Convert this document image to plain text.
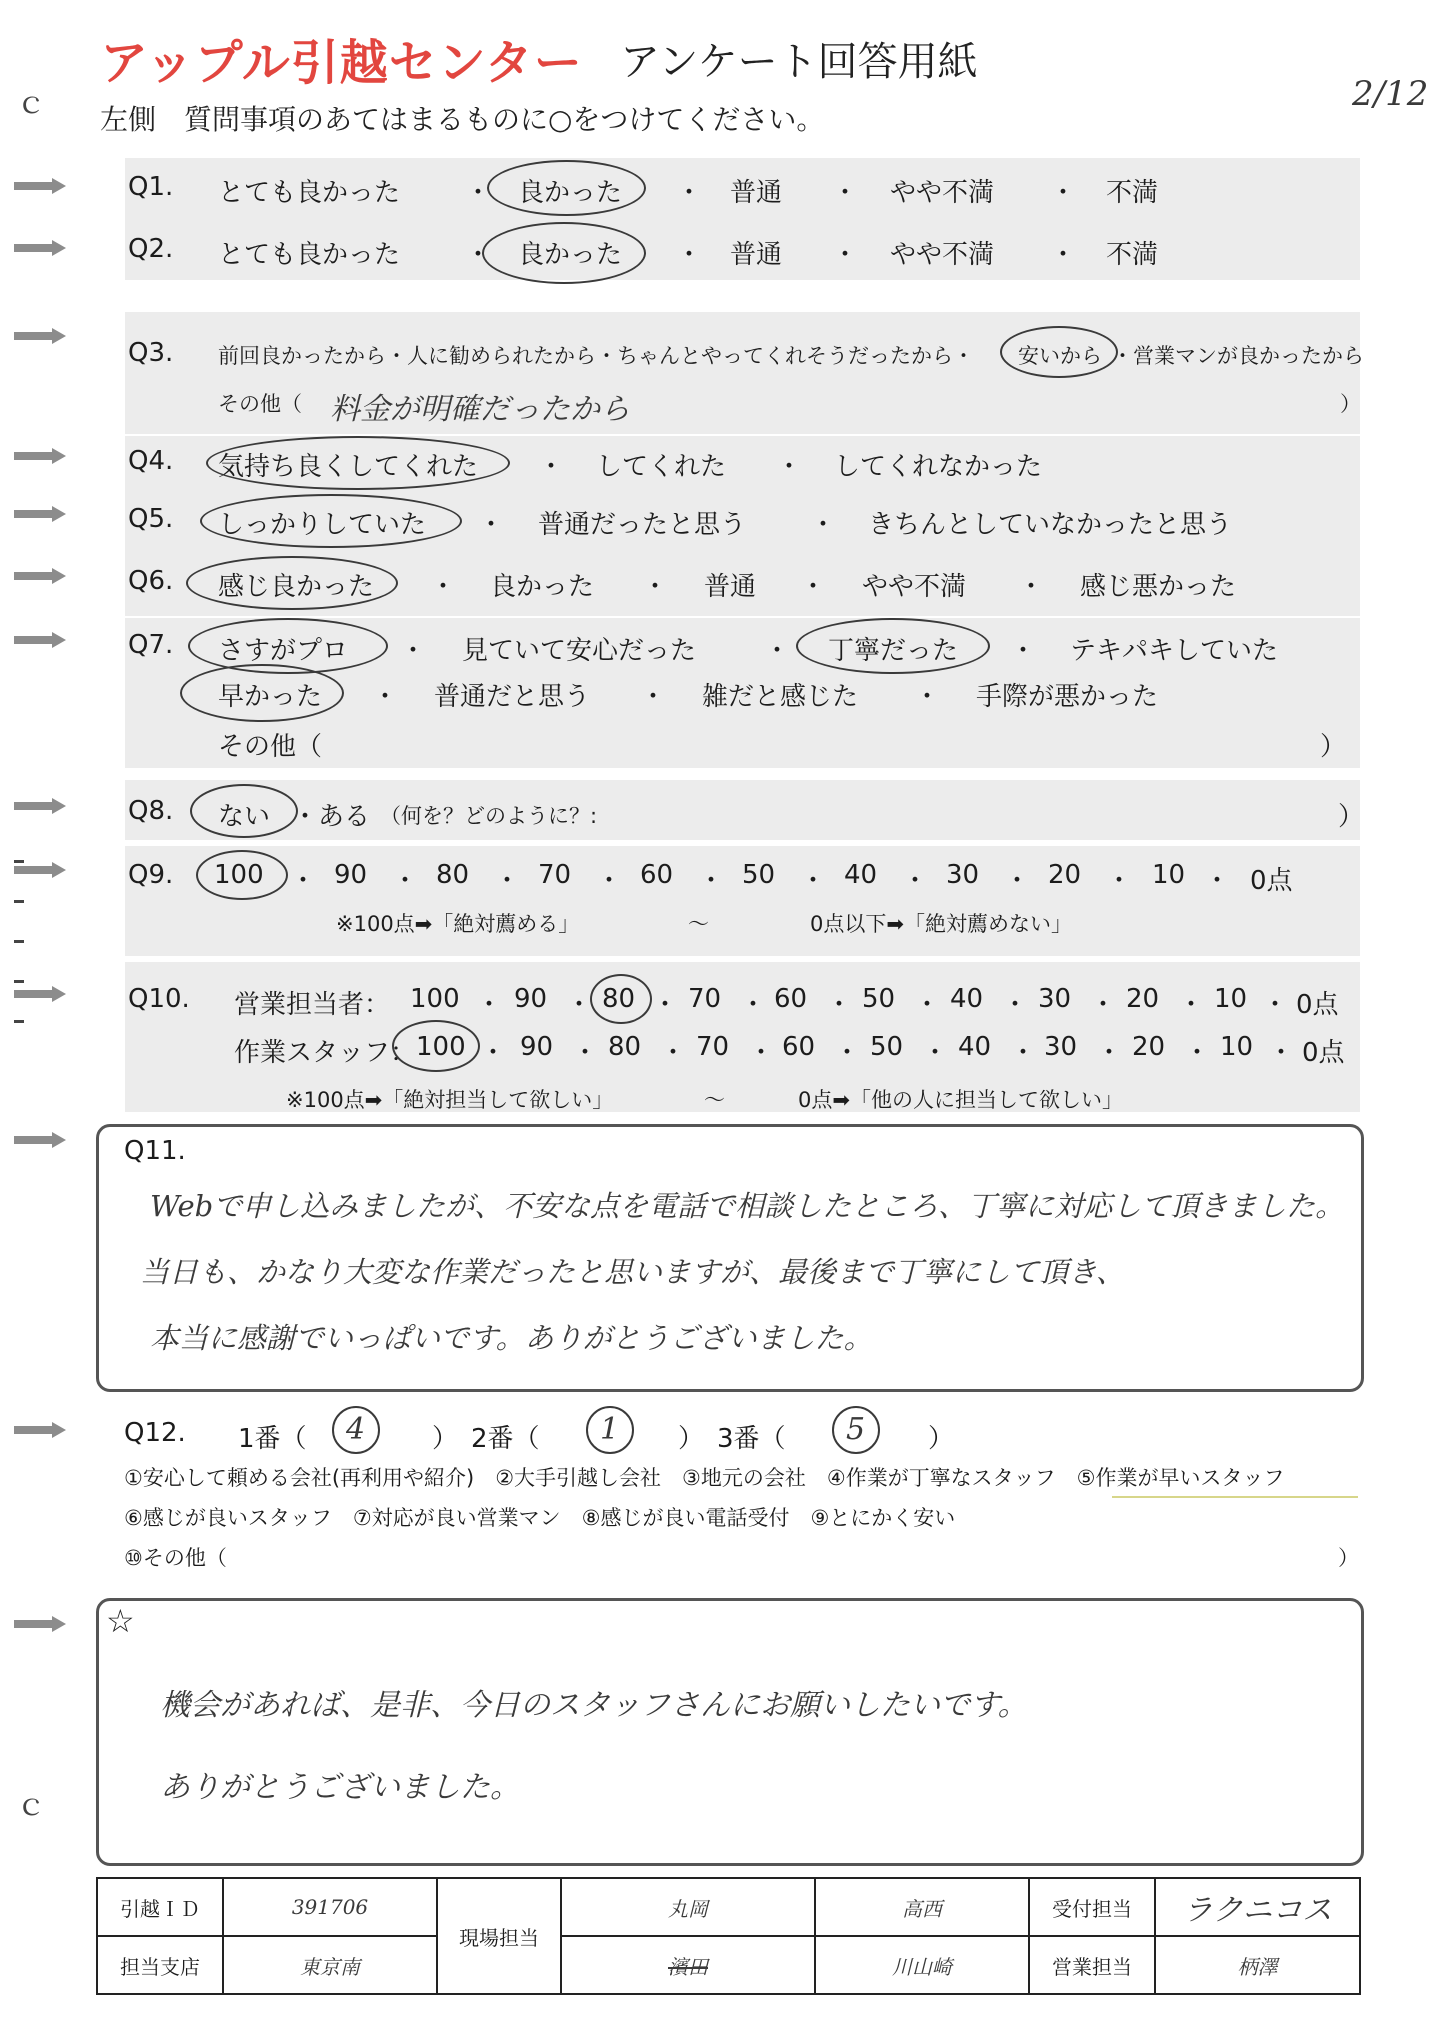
ｃ
ｃ
アップル引越センター アンケート回答用紙
2/12
左側　質問事項のあてはまるものに○をつけてください。
Q1. とても良かった ・ 良かった ・ 普通 ・ やや不満 ・ 不満
Q2. とても良かった ・ 良かった ・ 普通 ・ やや不満 ・ 不満
Q3. 前回良かったから・人に勧められたから・ちゃんとやってくれそうだったから・ 安いから ・営業マンが良かったから
その他（ 料金が明確だったから	）
Q4. 気持ち良くしてくれた ・ してくれた ・ してくれなかった
Q5. しっかりしていた ・ 普通だったと思う ・ きちんとしていなかったと思う
Q6. 感じ良かった ・ 良かった ・ 普通 ・ やや不満 ・ 感じ悪かった
Q7. さすがプロ ・ 見ていて安心だった	・ 丁寧だった ・ テキパキしていた
早かった ・ 普通だと思う ・ 雑だと感じた ・ 手際が悪かった
その他（	）
Q8. ない ・ある （何を？どのように？:	）
Q9. 100 ・ 90 ・ 80 ・ 70 ・ 60 ・ 50 ・ 40 ・ 30 ・ 20 ・ 10 ・ 0点
※100点➡「絶対薦める」	～	0点以下➡「絶対薦めない」
Q10. 営業担当者： 100 ・ 90 ・ 80 ・ 70 ・ 60 ・ 50 ・ 40 ・ 30 ・ 20 ・ 10 ・ 0点
作業スタッフ： 100 ・ 90 ・ 80 ・ 70 ・ 60 ・ 50 ・ 40 ・ 30 ・ 20 ・ 10 ・ 0点
※100点➡「絶対担当して欲しい」	～	0点➡「他の人に担当して欲しい」
Q11.
Webで申し込みましたが、不安な点を電話で相談したところ、丁寧に対応して頂きました。
当日も、かなり大変な作業だったと思いますが、最後まで丁寧にして頂き、
本当に感謝でいっぱいです。ありがとうございました。
Q12. 1番（ 4	）　2番（ 1 ）　3番（ 5 ）
①安心して頼める会社(再利用や紹介)　②大手引越し会社　③地元の会社　④作業が丁寧なスタッフ　⑤作業が早いスタッフ
⑥感じが良いスタッフ　⑦対応が良い営業マン　⑧感じが良い電話受付　⑨とにかく安い
⑩その他（	）
☆
機会があれば、是非、今日のスタッフさんにお願いしたいです。
ありがとうございました。
引越ＩＤ	391706	現場担当	丸岡	高西	受付担当	ラクニコス
担当支店	東京南		濱田	川山崎	営業担当	柄澤
